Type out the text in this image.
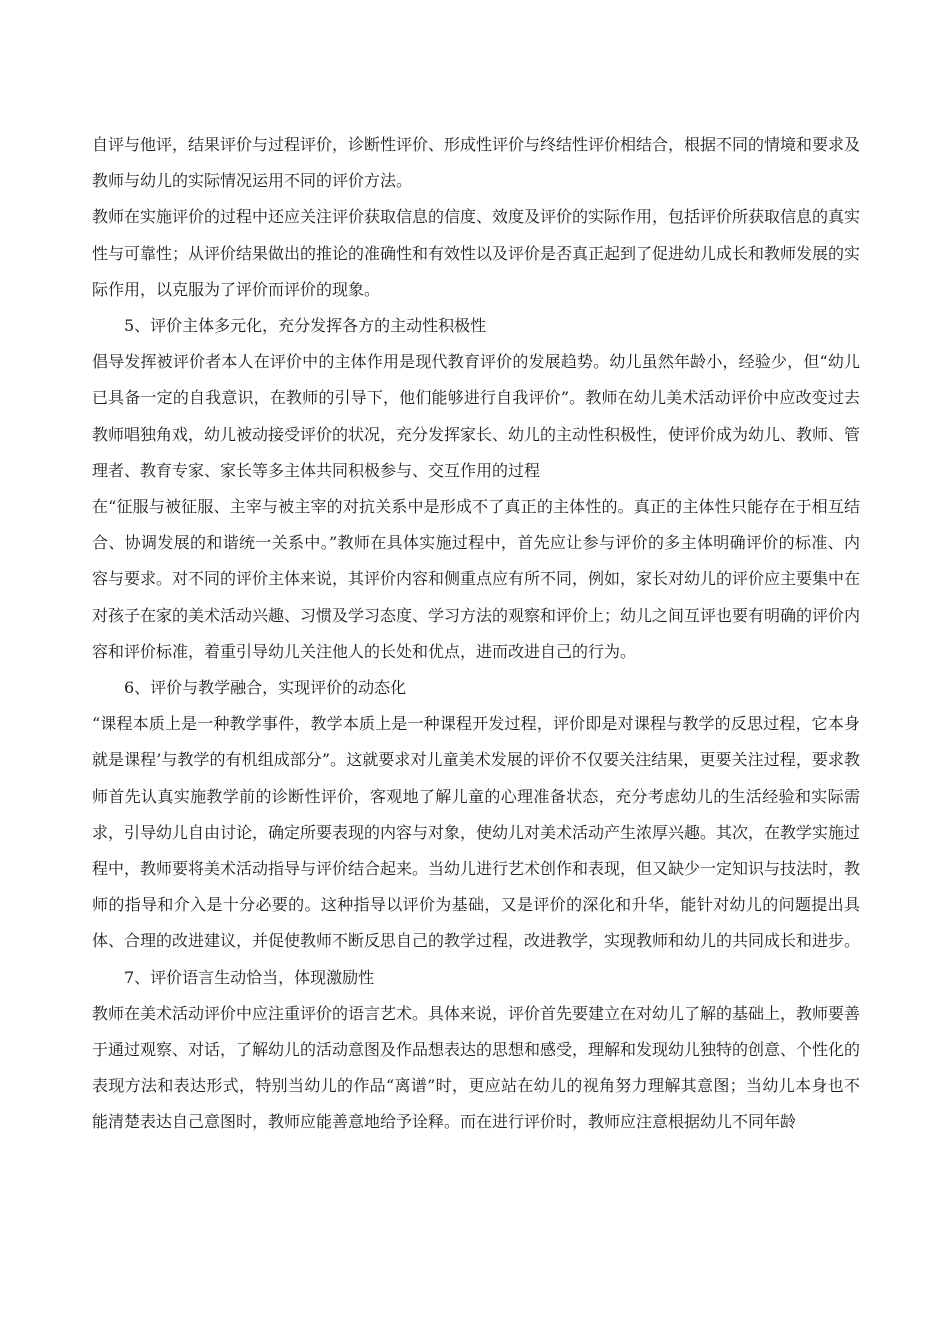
自评与他评，结果评价与过程评价，诊断性评价、形成性评价与终结性评价相结合，根据不同的情境和要求及教师与幼儿的实际情况运用不同的评价方法。

教师在实施评价的过程中还应关注评价获取信息的信度、效度及评价的实际作用，包括评价所获取信息的真实性与可靠性；从评价结果做出的推论的准确性和有效性以及评价是否真正起到了促进幼儿成长和教师发展的实际作用，以克服为了评价而评价的现象。

5、评价主体多元化，充分发挥各方的主动性积极性

倡导发挥被评价者本人在评价中的主体作用是现代教育评价的发展趋势。幼儿虽然年龄小，经验少，但“幼儿已具备一定的自我意识，在教师的引导下，他们能够进行自我评价”。教师在幼儿美术活动评价中应改变过去教师唱独角戏，幼儿被动接受评价的状况，充分发挥家长、幼儿的主动性积极性，使评价成为幼儿、教师、管理者、教育专家、家长等多主体共同积极参与、交互作用的过程

在“征服与被征服、主宰与被主宰的对抗关系中是形成不了真正的主体性的。真正的主体性只能存在于相互结合、协调发展的和谐统一关系中。”教师在具体实施过程中，首先应让参与评价的多主体明确评价的标准、内容与要求。对不同的评价主体来说，其评价内容和侧重点应有所不同，例如，家长对幼儿的评价应主要集中在对孩子在家的美术活动兴趣、习惯及学习态度、学习方法的观察和评价上；幼儿之间互评也要有明确的评价内容和评价标准，着重引导幼儿关注他人的长处和优点，进而改进自己的行为。

6、评价与教学融合，实现评价的动态化

“课程本质上是一种教学事件，教学本质上是一种课程开发过程，评价即是对课程与教学的反思过程，它本身就是课程’与教学的有机组成部分”。这就要求对儿童美术发展的评价不仅要关注结果，更要关注过程，要求教师首先认真实施教学前的诊断性评价，客观地了解儿童的心理准备状态，充分考虑幼儿的生活经验和实际需求，引导幼儿自由讨论，确定所要表现的内容与对象，使幼儿对美术活动产生浓厚兴趣。其次，在教学实施过程中，教师要将美术活动指导与评价结合起来。当幼儿进行艺术创作和表现，但又缺少一定知识与技法时，教师的指导和介入是十分必要的。这种指导以评价为基础，又是评价的深化和升华，能针对幼儿的问题提出具体、合理的改进建议，并促使教师不断反思自己的教学过程，改进教学，实现教师和幼儿的共同成长和进步。

7、评价语言生动恰当，体现激励性

教师在美术活动评价中应注重评价的语言艺术。具体来说，评价首先要建立在对幼儿了解的基础上，教师要善于通过观察、对话，了解幼儿的活动意图及作品想表达的思想和感受，理解和发现幼儿独特的创意、个性化的表现方法和表达形式，特别当幼儿的作品“离谱”时，更应站在幼儿的视角努力理解其意图；当幼儿本身也不能清楚表达自己意图时，教师应能善意地给予诠释。而在进行评价时，教师应注意根据幼儿不同年龄
